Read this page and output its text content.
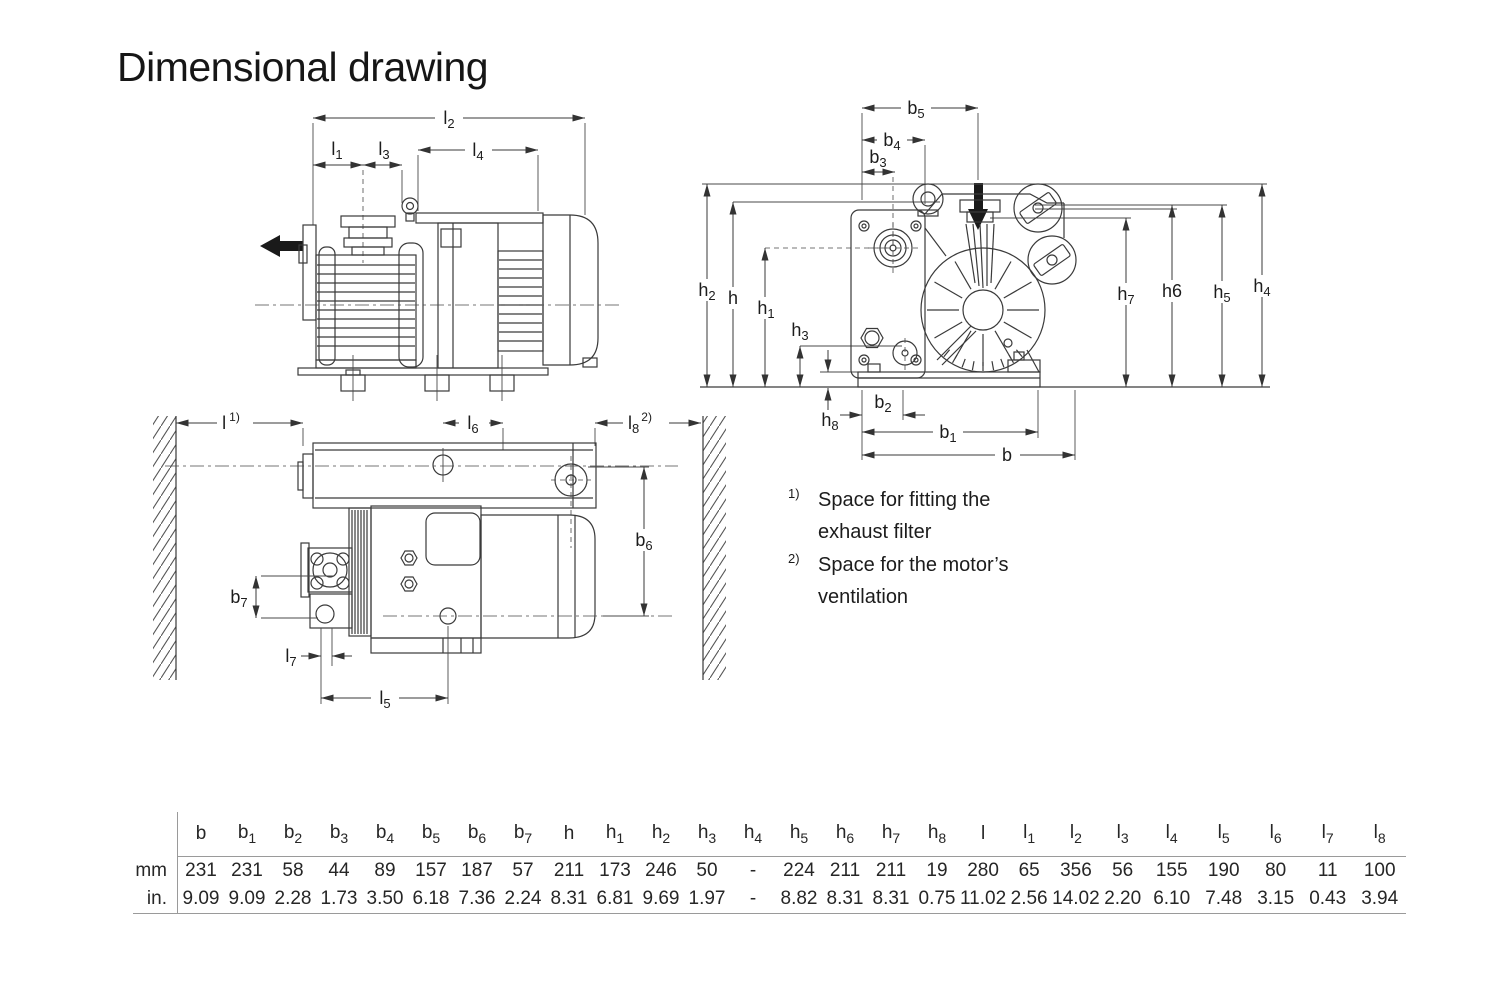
Dimensional drawing
$l_2$
$l_1$ $l_3$	$l_4$
$b_5$
$b_4$
$b_3$
$h_2$ h $h_1$
$h_3$
$h_8$
$h_7$ h6 $h_5$
$h_4$
$b_2$
$b_1$
b
l $^{1)}$	$l_6$	$l_8^{2)}$
$b_6$
$b_7$
$l_7$
$l_5$
1) Space for fitting the
exhaust filter
2) Space for the motor’s
ventilation
	b	$b_1$	$b_2$	$b_3$	$b_4$	$b_5$	$b_6$	$b_7$	h	$h_1$	$h_2$	$h_3$	$h_4$	$h_5$	$h_6$	$h_7$	$h_8$	l	$l_1$	$l_2$	$l_3$	$l_4$	$l_5$	$l_6$	$l_7$	$l_8$
mm	231	231	58	44	89	157	187	57	211	173	246	50	-	224	211	211	19	280	65	356	56	155	190	80	11	100
in.	9.09	9.09	2.28	1.73	3.50	6.18	7.36	2.24	8.31	6.81	9.69	1.97	-	8.82	8.31	8.31	0.75	11.02	2.56	14.02	2.20	6.10	7.48	3.15	0.43	3.94
